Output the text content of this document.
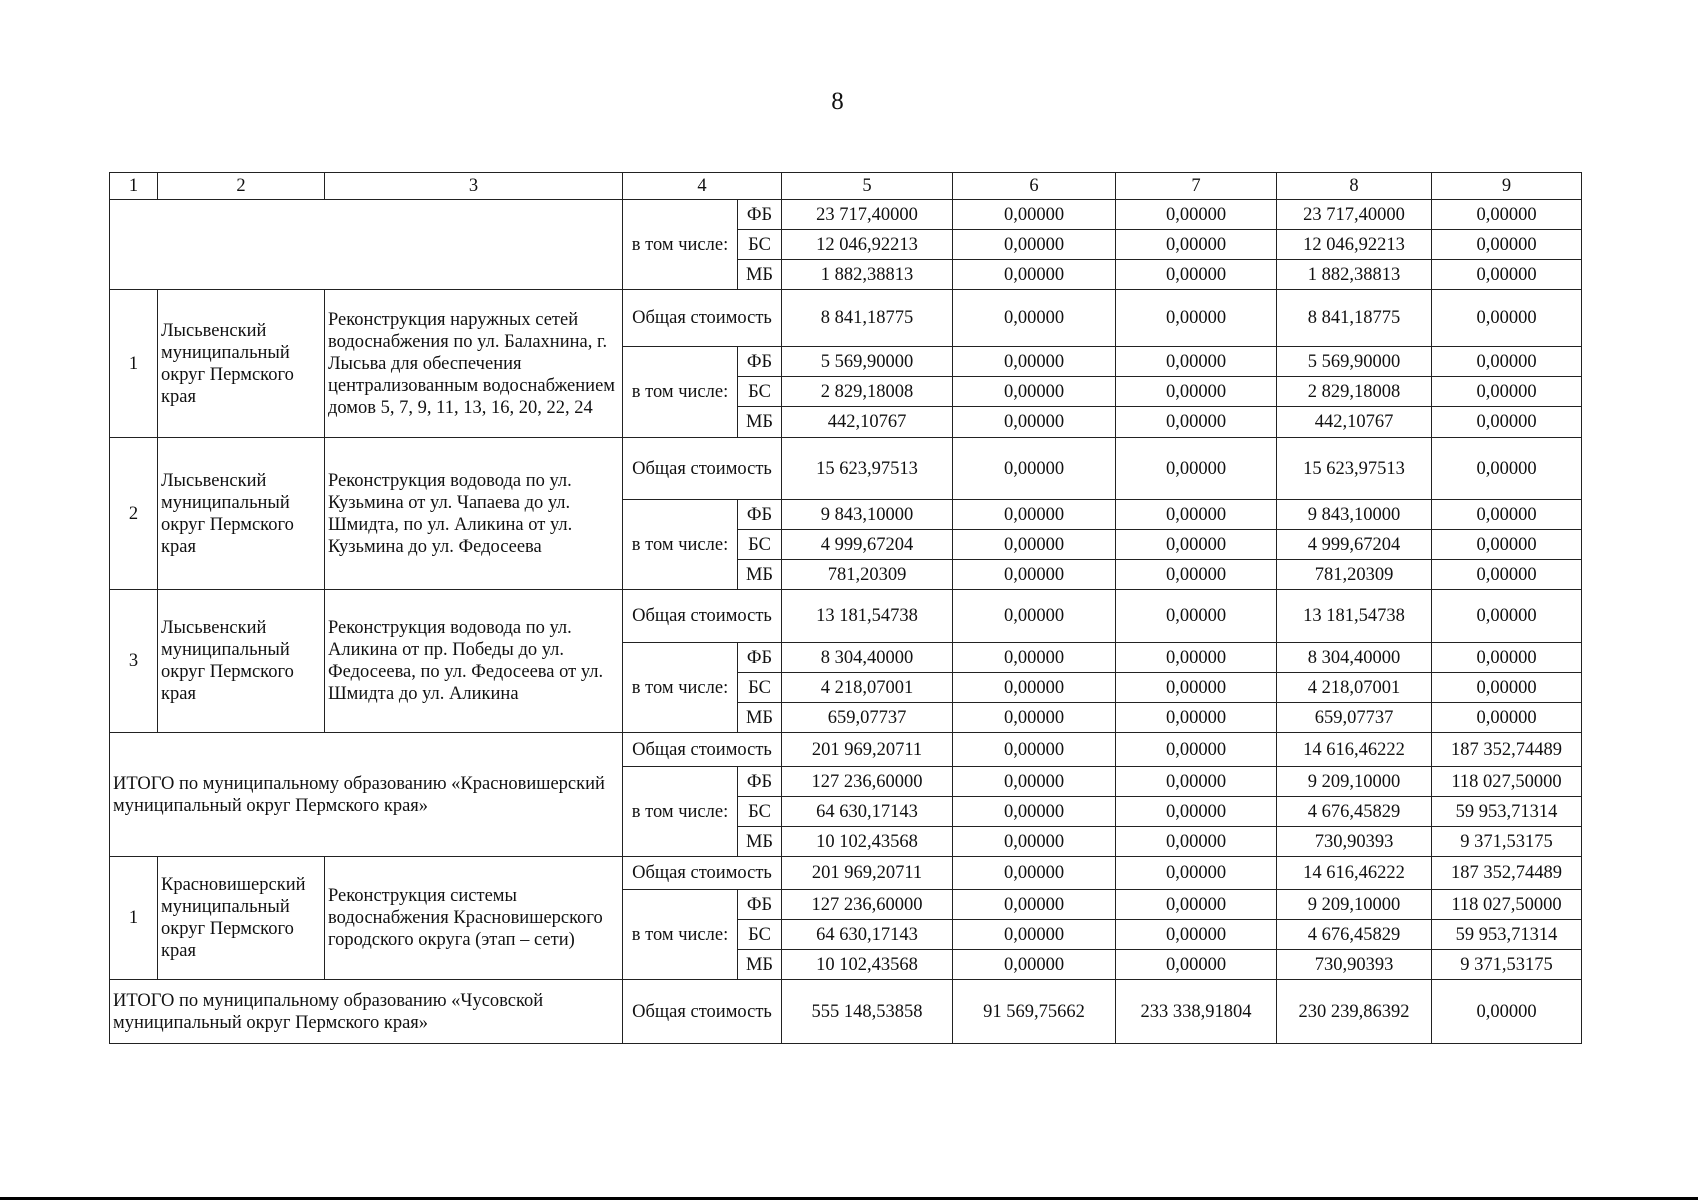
8
1	2	3	4		5	6	7	8	9
			в том числе:	ФБ	23 717,40000	0,00000	0,00000	23 717,40000	0,00000
				БС	12 046,92213	0,00000	0,00000	12 046,92213	0,00000
				МБ	1 882,38813	0,00000	0,00000	1 882,38813	0,00000
1	Лысьвенский муниципальный округ Пермского края	Реконструкция наружных сетей водоснабжения по ул. Балахнина, г. Лысьва для обеспечения централизованным водоснабжением домов 5, 7, 9, 11, 13, 16, 20, 22, 24	Общая стоимость		8 841,18775	0,00000	0,00000	8 841,18775	0,00000
			в том числе:	ФБ	5 569,90000	0,00000	0,00000	5 569,90000	0,00000
				БС	2 829,18008	0,00000	0,00000	2 829,18008	0,00000
				МБ	442,10767	0,00000	0,00000	442,10767	0,00000
2	Лысьвенский муниципальный округ Пермского края	Реконструкция водовода по ул. Кузьмина от ул. Чапаева до ул. Шмидта, по ул. Аликина от ул. Кузьмина до ул. Федосеева	Общая стоимость		15 623,97513	0,00000	0,00000	15 623,97513	0,00000
			в том числе:	ФБ	9 843,10000	0,00000	0,00000	9 843,10000	0,00000
				БС	4 999,67204	0,00000	0,00000	4 999,67204	0,00000
				МБ	781,20309	0,00000	0,00000	781,20309	0,00000
3	Лысьвенский муниципальный округ Пермского края	Реконструкция водовода по ул. Аликина от пр. Победы до ул. Федосеева, по ул. Федосеева от ул. Шмидта до ул. Аликина	Общая стоимость		13 181,54738	0,00000	0,00000	13 181,54738	0,00000
			в том числе:	ФБ	8 304,40000	0,00000	0,00000	8 304,40000	0,00000
				БС	4 218,07001	0,00000	0,00000	4 218,07001	0,00000
				МБ	659,07737	0,00000	0,00000	659,07737	0,00000
ИТОГО по муниципальному образованию «Красновишерский муниципальный округ Пермского края»			Общая стоимость		201 969,20711	0,00000	0,00000	14 616,46222	187 352,74489
			в том числе:	ФБ	127 236,60000	0,00000	0,00000	9 209,10000	118 027,50000
				БС	64 630,17143	0,00000	0,00000	4 676,45829	59 953,71314
				МБ	10 102,43568	0,00000	0,00000	730,90393	9 371,53175
1	Красновишерский муниципальный округ Пермского края	Реконструкция системы водоснабжения Красновишерского городского округа (этап – сети)	Общая стоимость		201 969,20711	0,00000	0,00000	14 616,46222	187 352,74489
			в том числе:	ФБ	127 236,60000	0,00000	0,00000	9 209,10000	118 027,50000
				БС	64 630,17143	0,00000	0,00000	4 676,45829	59 953,71314
				МБ	10 102,43568	0,00000	0,00000	730,90393	9 371,53175
ИТОГО по муниципальному образованию «Чусовской муниципальный округ Пермского края»			Общая стоимость		555 148,53858	91 569,75662	233 338,91804	230 239,86392	0,00000
